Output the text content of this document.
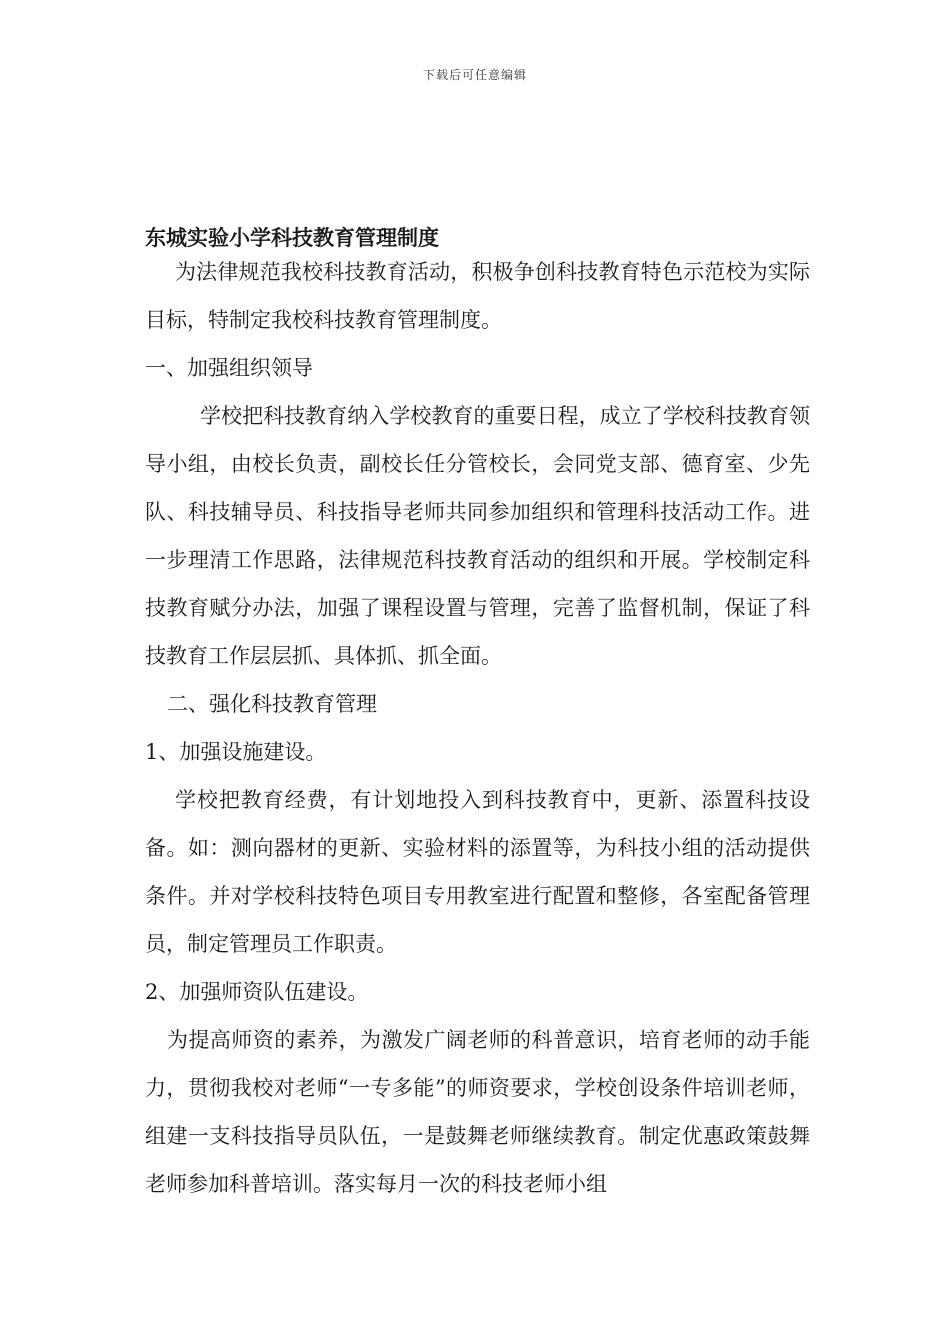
下载后可任意编辑

东城实验小学科技教育管理制度

为法律规范我校科技教育活动，积极争创科技教育特色示范校为实际目标，特制定我校科技教育管理制度。

一、加强组织领导

学校把科技教育纳入学校教育的重要日程，成立了学校科技教育领导小组，由校长负责，副校长任分管校长，会同党支部、德育室、少先队、科技辅导员、科技指导老师共同参加组织和管理科技活动工作。进一步理清工作思路，法律规范科技教育活动的组织和开展。学校制定科技教育赋分办法，加强了课程设置与管理，完善了监督机制，保证了科技教育工作层层抓、具体抓、抓全面。

二、强化科技教育管理

1、加强设施建设。

学校把教育经费，有计划地投入到科技教育中，更新、添置科技设备。如：测向器材的更新、实验材料的添置等，为科技小组的活动提供条件。并对学校科技特色项目专用教室进行配置和整修，各室配备管理员，制定管理员工作职责。

2、加强师资队伍建设。

为提高师资的素养，为激发广阔老师的科普意识，培育老师的动手能力，贯彻我校对老师“一专多能”的师资要求，学校创设条件培训老师，组建一支科技指导员队伍，一是鼓舞老师继续教育。制定优惠政策鼓舞老师参加科普培训。落实每月一次的科技老师小组
